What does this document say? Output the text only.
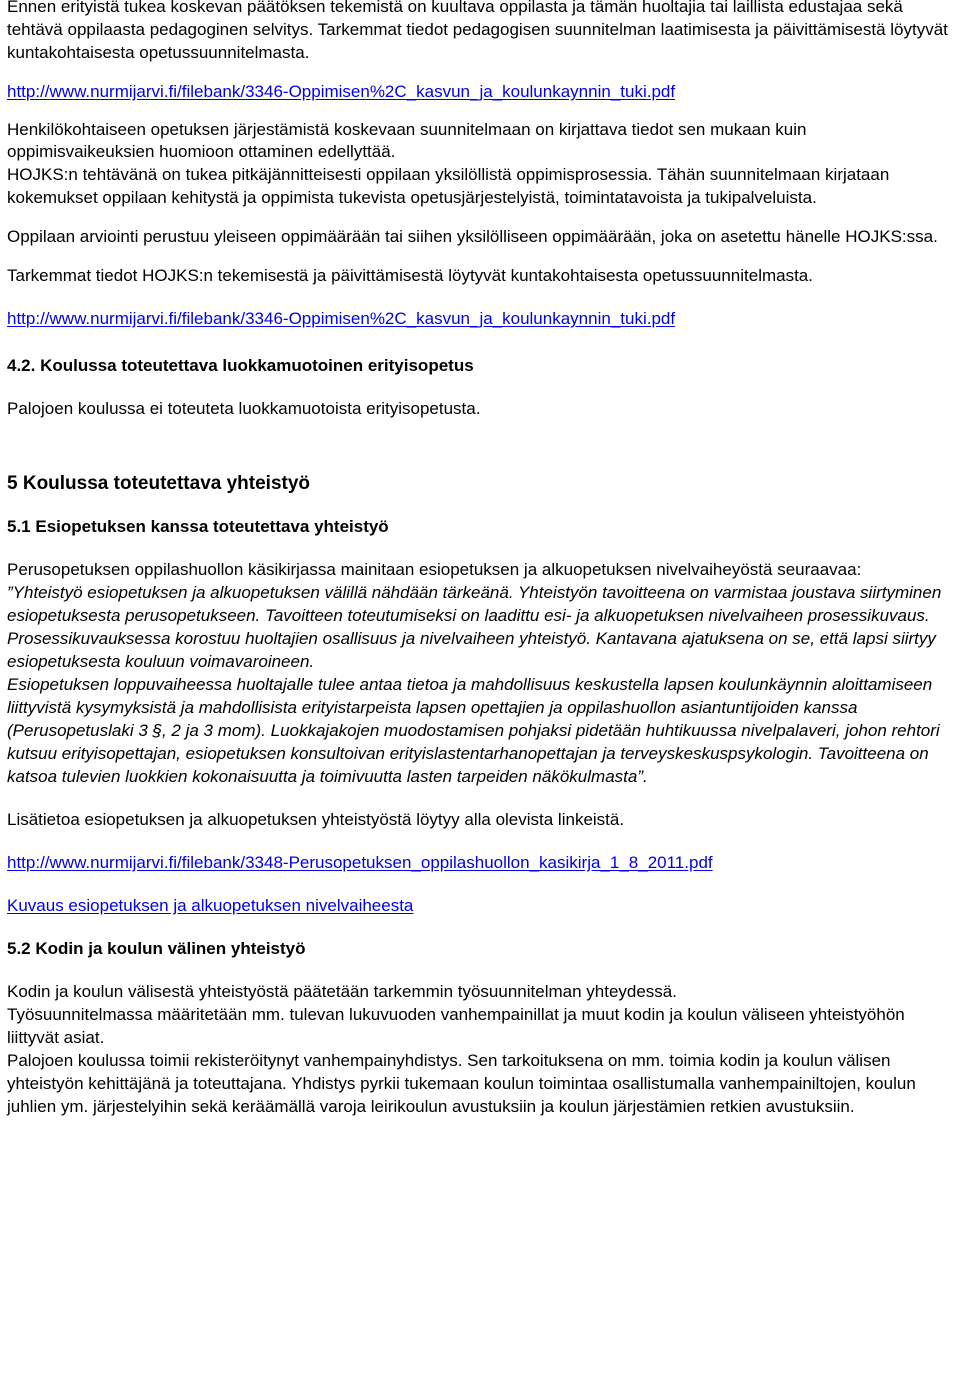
Ennen erityistä tukea koskevan päätöksen tekemistä on kuultava oppilasta ja tämän huoltajia tai laillista edustajaa sekä tehtävä oppilaasta pedagoginen selvitys. Tarkemmat tiedot pedagogisen suunnitelman laatimisesta ja päivittämisestä löytyvät kuntakohtaisesta opetussuunnitelmasta.

http://www.nurmijarvi.fi/filebank/3346-Oppimisen%2C_kasvun_ja_koulunkaynnin_tuki.pdf

Henkilökohtaiseen opetuksen järjestämistä koskevaan suunnitelmaan on kirjattava tiedot sen mukaan kuin oppimisvaikeuksien huomioon ottaminen edellyttää.

HOJKS:n tehtävänä on tukea pitkäjännitteisesti oppilaan yksilöllistä oppimisprosessia. Tähän suunnitelmaan kirjataan kokemukset oppilaan kehitystä ja oppimista tukevista opetusjärjestelyistä, toimintatavoista ja tukipalveluista.

Oppilaan arviointi perustuu yleiseen oppimäärään tai siihen yksilölliseen oppimäärään, joka on asetettu hänelle HOJKS:ssa.

Tarkemmat tiedot HOJKS:n tekemisestä ja päivittämisestä löytyvät kuntakohtaisesta opetussuunnitelmasta.

http://www.nurmijarvi.fi/filebank/3346-Oppimisen%2C_kasvun_ja_koulunkaynnin_tuki.pdf

4.2. Koulussa toteutettava luokkamuotoinen erityisopetus

Palojoen koulussa ei toteuteta luokkamuotoista erityisopetusta.

5 Koulussa toteutettava yhteistyö
5.1 Esiopetuksen kanssa toteutettava yhteistyö

Perusopetuksen oppilashuollon käsikirjassa mainitaan esiopetuksen ja alkuopetuksen nivelvaiheyöstä seuraavaa:

”Yhteistyö esiopetuksen ja alkuopetuksen välillä nähdään tärkeänä. Yhteistyön tavoitteena on varmistaa joustava siirtyminen esiopetuksesta perusopetukseen. Tavoitteen toteutumiseksi on laadittu esi- ja alkuopetuksen nivelvaiheen prosessikuvaus. Prosessikuvauksessa korostuu huoltajien osallisuus ja nivelvaiheen yhteistyö. Kantavana ajatuksena on se, että lapsi siirtyy esiopetuksesta kouluun voimavaroineen.

Esiopetuksen loppuvaiheessa huoltajalle tulee antaa tietoa ja mahdollisuus keskustella lapsen koulunkäynnin aloittamiseen liittyvistä kysymyksistä ja mahdollisista erityistarpeista lapsen opettajien ja oppilashuollon asiantuntijoiden kanssa (Perusopetuslaki 3 §, 2 ja 3 mom). Luokkajakojen muodostamisen pohjaksi pidetään huhtikuussa nivelpalaveri, johon rehtori kutsuu erityisopettajan, esiopetuksen konsultoivan erityislastentarhanopettajan ja terveyskeskuspsykologin. Tavoitteena on katsoa tulevien luokkien kokonaisuutta ja toimivuutta lasten tarpeiden näkökulmasta”.

Lisätietoa esiopetuksen ja alkuopetuksen yhteistyöstä löytyy alla olevista linkeistä.

http://www.nurmijarvi.fi/filebank/3348-Perusopetuksen_oppilashuollon_kasikirja_1_8_2011.pdf

Kuvaus esiopetuksen ja alkuopetuksen nivelvaiheesta

5.2 Kodin ja koulun välinen yhteistyö

Kodin ja koulun välisestä yhteistyöstä päätetään tarkemmin työsuunnitelman yhteydessä.

Työsuunnitelmassa määritetään mm. tulevan lukuvuoden vanhempainillat ja muut kodin ja koulun väliseen yhteistyöhön liittyvät asiat.

Palojoen koulussa toimii rekisteröitynyt vanhempainyhdistys. Sen tarkoituksena on mm. toimia kodin ja koulun välisen yhteistyön kehittäjänä ja toteuttajana. Yhdistys pyrkii tukemaan koulun toimintaa osallistumalla vanhempainiltojen, koulun juhlien ym. järjestelyihin sekä keräämällä varoja leirikoulun avustuksiin ja koulun järjestämien retkien avustuksiin.
